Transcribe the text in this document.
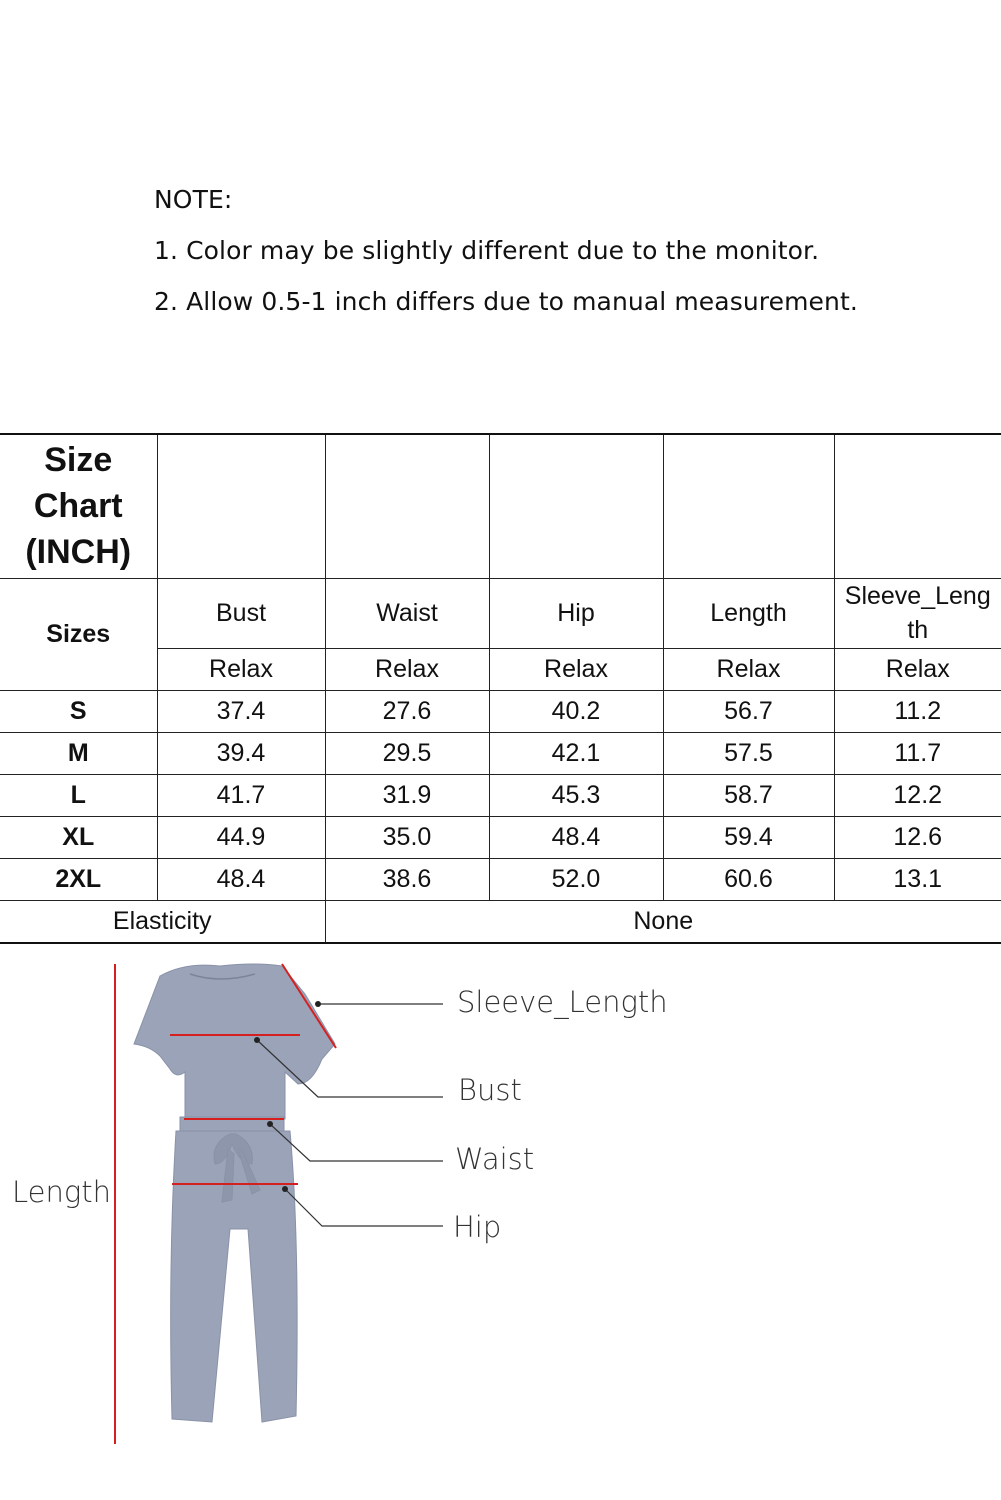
NOTE:
1. Color may be slightly different due to the monitor.
2. Allow 0.5-1 inch differs due to manual measurement.
Size
Chart
(INCH)					
Sizes	Bust	Waist	Hip	Length	Sleeve_Leng
th
	Relax	Relax	Relax	Relax	Relax
S	37.4	27.6	40.2	56.7	11.2
M	39.4	29.5	42.1	57.5	11.7
L	41.7	31.9	45.3	58.7	12.2
XL	44.9	35.0	48.4	59.4	12.6
2XL	48.4	38.6	52.0	60.6	13.1
Elasticity		None			
Sleeve_Length
Bust
Waist
Hip
Length
